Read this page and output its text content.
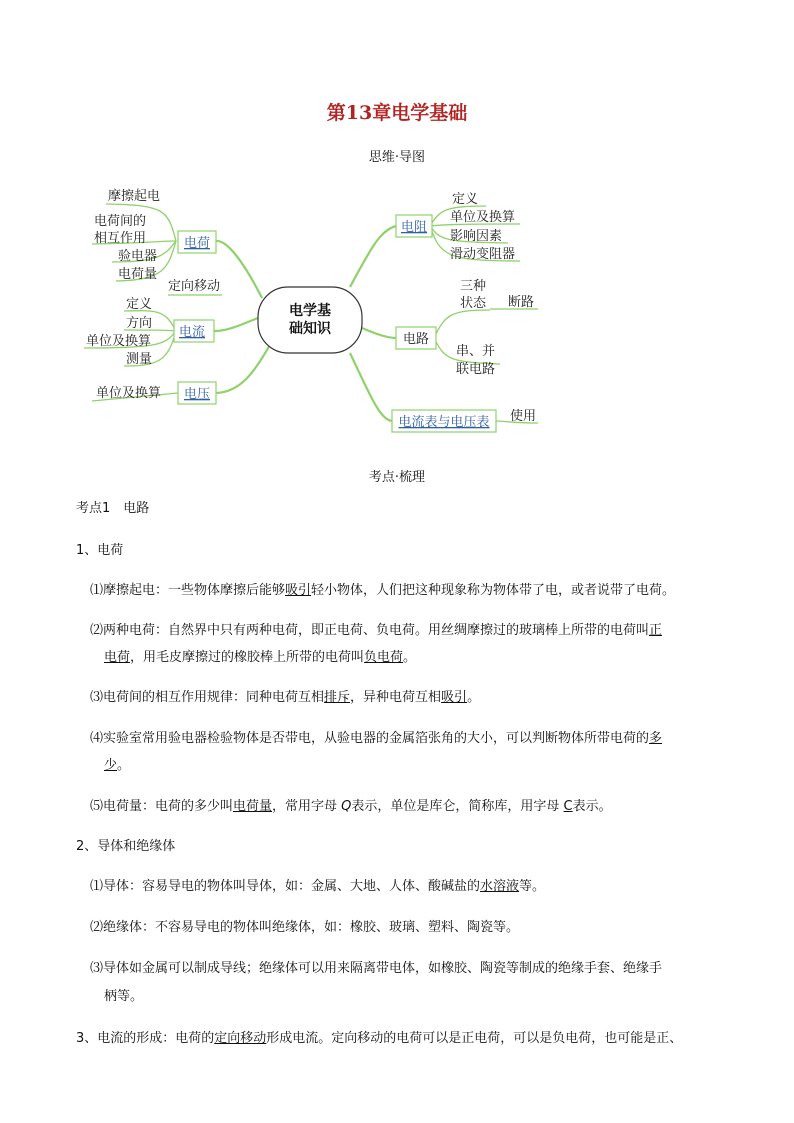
第13章电学基础
思维·导图
电学基
础知识
电荷
摩擦起电
电荷间的
相互作用
验电器
电荷量
定向移动
电流
定义
方向
单位及换算
测量
电压
单位及换算
电阻
定义
单位及换算
影响因素
滑动变阻器
电路
三种
状态 断路
串、并
联电路
电流表与电压表 使用
考点·梳理
考点1　电路
1、电荷
⑴摩擦起电：一些物体摩擦后能够吸引轻小物体，人们把这种现象称为物体带了电，或者说带了电荷。
⑵两种电荷：自然界中只有两种电荷，即正电荷、负电荷。用丝绸摩擦过的玻璃棒上所带的电荷叫正
电荷，用毛皮摩擦过的橡胶棒上所带的电荷叫负电荷。
⑶电荷间的相互作用规律：同种电荷互相排斥，异种电荷互相吸引。
⑷实验室常用验电器检验物体是否带电，从验电器的金属箔张角的大小，可以判断物体所带电荷的多
少。
⑸电荷量：电荷的多少叫电荷量，常用字母 Q表示，单位是库仑，简称库，用字母 C表示。
2、导体和绝缘体
⑴导体：容易导电的物体叫导体，如：金属、大地、人体、酸碱盐的水溶液等。
⑵绝缘体：不容易导电的物体叫绝缘体，如：橡胶、玻璃、塑料、陶瓷等。
⑶导体如金属可以制成导线；绝缘体可以用来隔离带电体，如橡胶、陶瓷等制成的绝缘手套、绝缘手
柄等。
3、电流的形成：电荷的定向移动形成电流。定向移动的电荷可以是正电荷，可以是负电荷，也可能是正、
